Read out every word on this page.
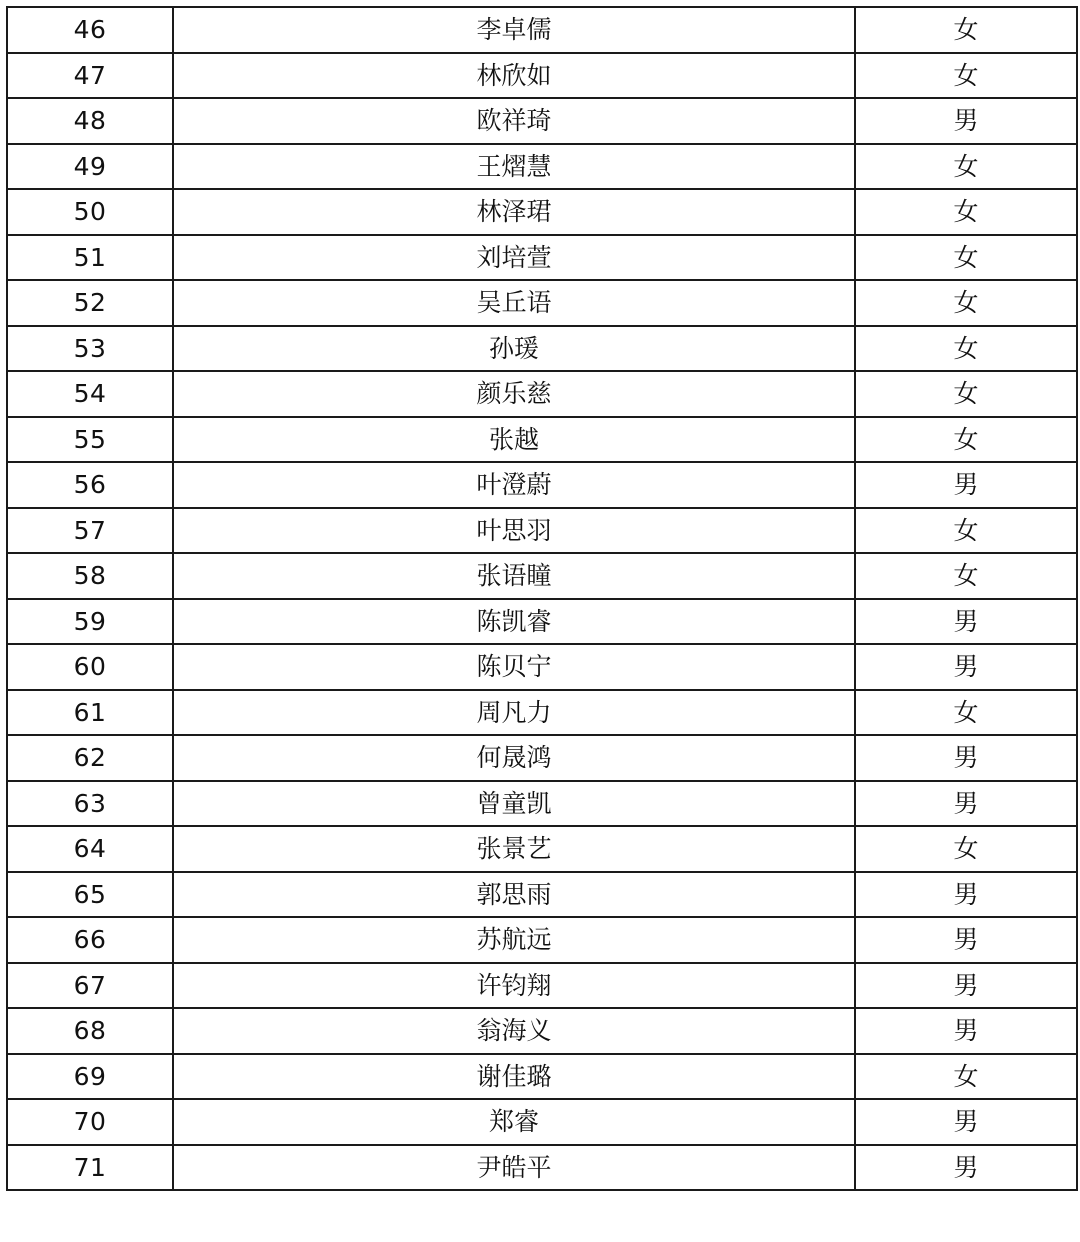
46	李卓儒	女
47	林欣如	女
48	欧祥琦	男
49	王熠慧	女
50	林泽珺	女
51	刘培萱	女
52	吴丘语	女
53	孙瑗	女
54	颜乐慈	女
55	张越	女
56	叶澄蔚	男
57	叶思羽	女
58	张语瞳	女
59	陈凯睿	男
60	陈贝宁	男
61	周凡力	女
62	何晟鸿	男
63	曾童凯	男
64	张景艺	女
65	郭思雨	男
66	苏航远	男
67	许钧翔	男
68	翁海义	男
69	谢佳璐	女
70	郑睿	男
71	尹皓平	男
